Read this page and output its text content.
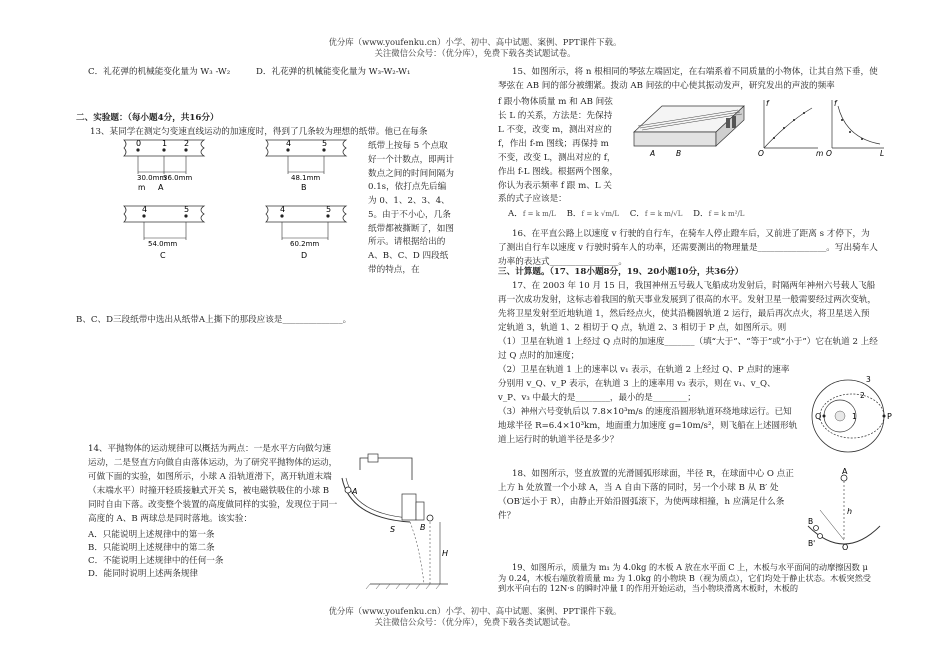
优分库（www.youfenku.cn）小学、初中、高中试题、案例、PPT课件下载。
关注微信公众号：（优分库），免费下载各类试题试卷。

C．礼花弹的机械能变化量为 W₃ -W₂	D．礼花弹的机械能变化量为 W₃-W₂-W₁

二、实验题：（每小题4分，共16分）

13、某同学在测定匀变速直线运动的加速度时，得到了几条较为理想的纸带。他已在每条

纸带上按每 5 个点取好一个计数点，即两计数点之间的时间间隔为 0.1s，依打点先后编为 0、1、2、3、4、5。由于不小心，几条纸带都被撕断了，如图所示。请根据给出的 A、B、C、D 四段纸带的特点，在

B、C、D三段纸带中选出从纸带A上撕下的那段应该是______________。

0	1 2
30.0mm
36.0mm
m A
4	5
48.1mm
B
4	5
54.0mm
C
4	5
60.2mm
D

14、平抛物体的运动规律可以概括为两点：一是水平方向做匀速运动，二是竖直方向做自由落体运动，为了研究平抛物体的运动，可做下面的实验，如图所示，小球 A 沿轨道滑下，离开轨道末端（末端水平）时撞开轻质接触式开关 S，被电磁铁吸住的小球 B 同时自由下落。改变整个装置的高度做同样的实验，发现位于同一高度的 A、B 两球总是同时落地。该实验：

A．只能说明上述规律中的第一条
B．只能说明上述规律中的第二条
C．不能说明上述规律中的任何一条
D．能同时说明上述两条规律
A
B
S
H

15、如图所示，将 n 根相同的琴弦左端固定，在右端系着不同质量的小物体，让其自然下垂，使琴弦在 AB 间的部分被绷紧。拨动 AB 间弦的中心使其振动发声，研究发出的声波的频率

f 跟小物体质量 m 和 AB 间弦长 L 的关系，方法是：先保持 L 不变，改变 m，测出对应的 f，作出 f-m 图线；再保持 m 不变，改变 L，测出对应的 f，作出 f-L 图线。根据两个图象，你认为表示频率 f 跟 m、L 关系的式子应该是：

A．f = k m/L B．f = k √m/L C．f = k m/√L D．f = k m²/L

16、在平直公路上以速度 v 行驶的自行车，在骑车人停止蹬车后，又前进了距离 s 才停下，为了测出自行车以速度 v 行驶时骑车人的功率，还需要测出的物理量是________________。写出骑车人功率的表达式________________。

三、计算题。（17、18小题8分，19、20小题10分，共36分）

17、在 2003 年 10 月 15 日，我国神州五号载人飞船成功发射后，时隔两年神州六号载人飞船再一次成功发射，这标志着我国的航天事业发展到了很高的水平。发射卫星一般需要经过两次变轨，先将卫星发射至近地轨道 1，然后经点火，使其沿椭圆轨道 2 运行，最后再次点火，将卫星送入预定轨道 3，轨道 1、2 相切于 Q 点，轨道 2、3 相切于 P 点，如图所示。则

（1）卫星在轨道 1 上经过 Q 点时的加速度_______（填“大于”、“等于”或“小于”）它在轨道 2 上经过 Q 点时的加速度；

（2）卫星在轨道 1 上的速率以 v₁ 表示，在轨道 2 上经过 Q、P 点时的速率分别用 v_Q、v_P 表示，在轨道 3 上的速率用 v₃ 表示，则在 v₁、v_Q、v_P、v₃ 中最大的是________，最小的是________；

（3）神州六号变轨后以 7.8×10³m/s 的速度沿圆形轨道环绕地球运行。已知地球半径 R=6.4×10³km，地面重力加速度 g=10m/s²，则飞船在上述圆形轨道上运行时的轨道半径是多少？

18、如图所示，竖直放置的光滑圆弧形球面，半径 R，在球面中心 O 点正上方 h 处放置一个小球 A，当 A 自由下落的同时，另一个小球 B 从 B′ 处（OB′远小于 R），由静止开始沿圆弧滚下，为使两球相撞，h 应满足什么条件？

19、如图所示，质量为 m₁ 为 4.0kg 的木板 A 放在水平面 C 上，木板与水平面间的动摩擦因数 μ 为 0.24，木板右端放着质量 m₂ 为 1.0kg 的小物块 B（视为质点），它们均处于静止状态。木板突然受到水平向右的 12N·s 的瞬时冲量 I 的作用开始运动，当小物块滑离木板时，木板的

A	B
f
m
O
f
L
O
Q	P
1
2
3
A
h
B
B'	O
优分库（www.youfenku.cn）小学、初中、高中试题、案例、PPT课件下载。
关注微信公众号：（优分库），免费下载各类试题试卷。
